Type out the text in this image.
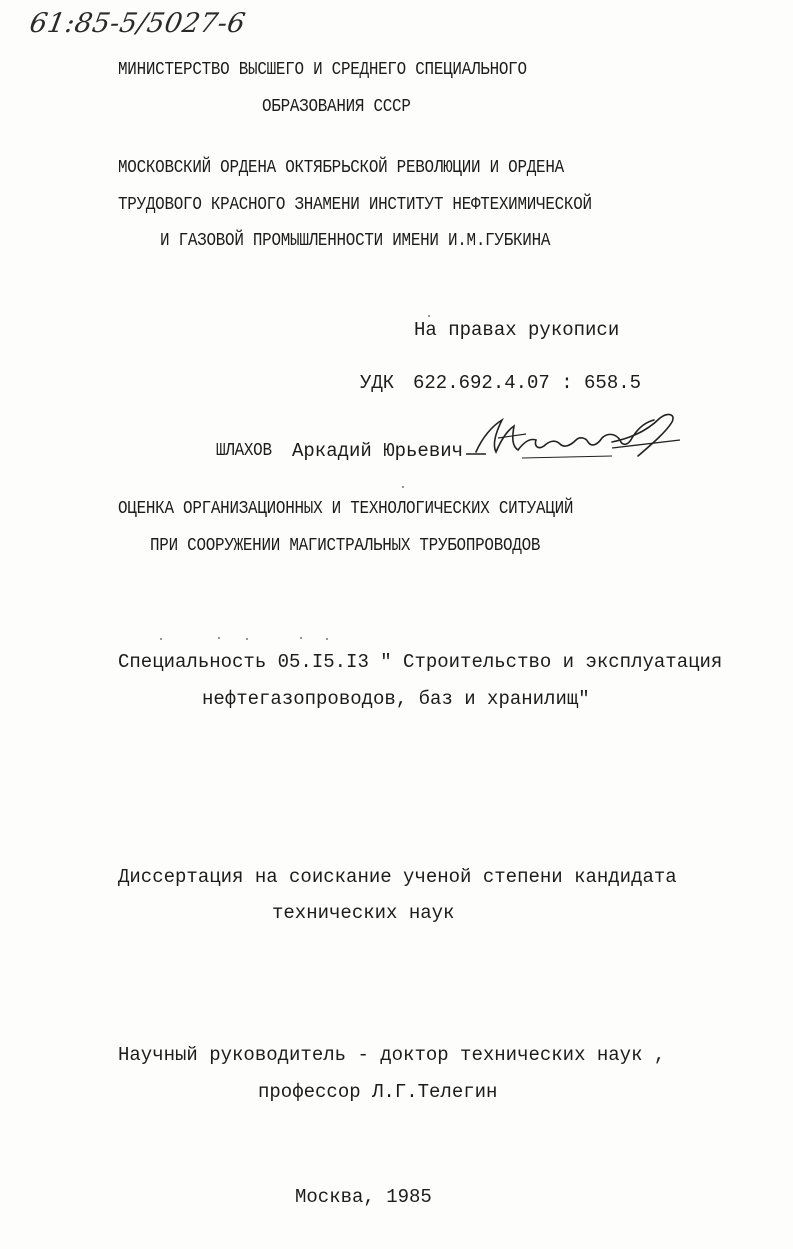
61:85-5/5027-6
МИНИСТЕРСТВО ВЫСШЕГО И СРЕДНЕГО СПЕЦИАЛЬНОГО
ОБРАЗОВАНИЯ СССР
МОСКОВСКИЙ ОРДЕНА ОКТЯБРЬСКОЙ РЕВОЛЮЦИИ И ОРДЕНА
ТРУДОВОГО КРАСНОГО ЗНАМЕНИ ИНСТИТУТ НЕФТЕХИМИЧЕСКОЙ
И ГАЗОВОЙ ПРОМЫШЛЕННОСТИ ИМЕНИ И.М.ГУБКИНА
На правах рукописи
УДК 622.692.4.07 : 658.5
ШЛАХОВ Аркадий Юрьевич
ОЦЕНКА ОРГАНИЗАЦИОННЫХ И ТЕХНОЛОГИЧЕСКИХ СИТУАЦИЙ
ПРИ СООРУЖЕНИИ МАГИСТРАЛЬНЫХ ТРУБОПРОВОДОВ
Специальность 05.I5.I3 " Строительство и эксплуатация
нефтегазопроводов, баз и хранилищ"
Диссертация на соискание ученой степени кандидата
технических наук
Научный руководитель - доктор технических наук ,
профессор Л.Г.Телегин
Москва, 1985
